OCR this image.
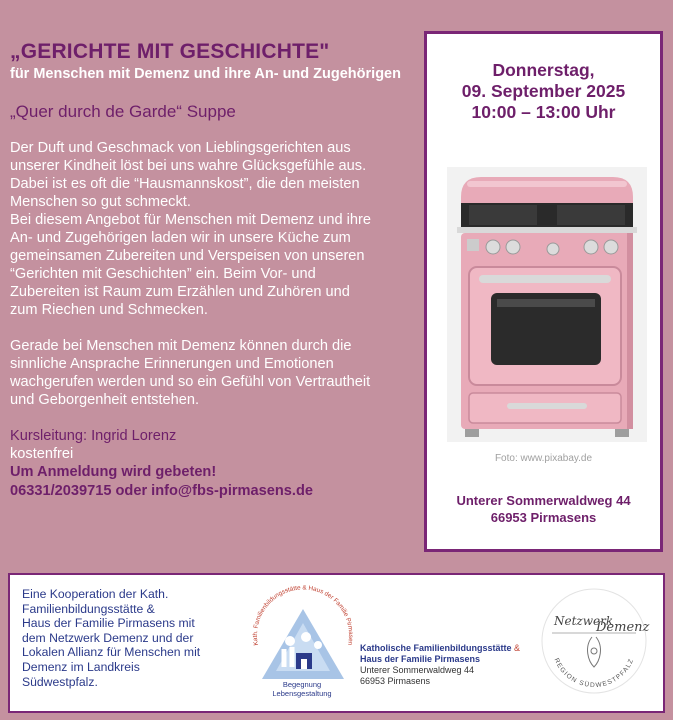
„GERICHTE MIT GESCHICHTE"

für Menschen mit Demenz und ihre An- und Zugehörigen

„Quer durch de Garde“ Suppe

Der Duft und Geschmack von Lieblingsgerichten aus
unserer Kindheit löst bei uns wahre Glücksgefühle aus.
Dabei ist es oft die “Hausmannskost”, die den meisten
Menschen so gut schmeckt.
Bei diesem Angebot für Menschen mit Demenz und ihre
An- und Zugehörigen laden wir in unsere Küche zum
gemeinsamen Zubereiten und Verspeisen von unseren
“Gerichten mit Geschichten” ein. Beim Vor- und
Zubereiten ist Raum zum Erzählen und Zuhören und
zum Riechen und Schmecken.
Gerade bei Menschen mit Demenz können durch die
sinnliche Ansprache Erinnerungen und Emotionen
wachgerufen werden und so ein Gefühl von Vertrautheit
und Geborgenheit entstehen.

Kursleitung: Ingrid Lorenz

kostenfrei

Um Anmeldung wird gebeten!

06331/2039715 oder info@fbs-pirmasens.de

Donnerstag,
09. September 2025
10:00 – 13:00 Uhr
Foto: www.pixabay.de
Unterer Sommerwaldweg 44
66953 Pirmasens
Eine Kooperation der Kath.
Familienbildungsstätte &
Haus der Familie Pirmasens mit
dem Netzwerk Demenz und der
Lokalen Allianz für Menschen mit
Demenz im Landkreis
Südwestpfalz.
Kath. Familienbildungsstätte & Haus der Familie Pirmasen
Begegnung
Lebensgestaltung
Katholische Familienbildungsstätte &
Haus der Familie Pirmasens
Unterer Sommerwaldweg 44
66953 Pirmasens
Netzwerk
Demenz
REGION SÜDWESTPFALZ
